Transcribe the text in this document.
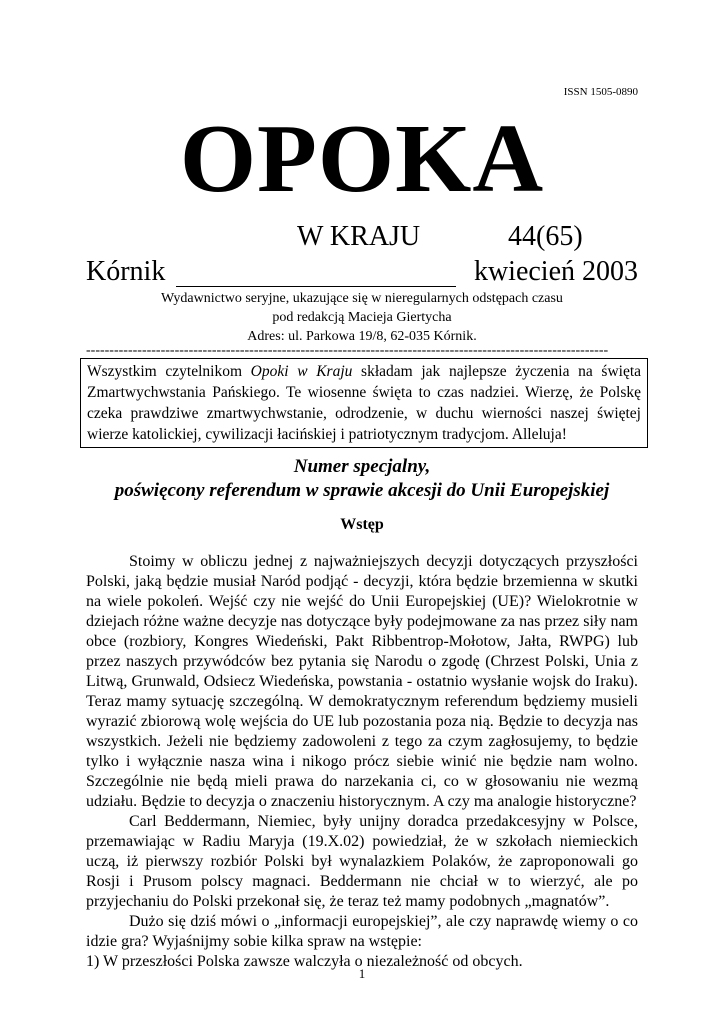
ISSN 1505-0890
OPOKA
W KRAJU	44(65)
Kórnik	kwiecień 2003
Wydawnictwo seryjne, ukazujące się w nieregularnych odstępach czasu
pod redakcją Macieja Giertycha
Adres: ul. Parkowa 19/8, 62-035 Kórnik.
----------------------------------------------------------------------------------------------------------------

Wszystkim czytelnikom Opoki w Kraju składam jak najlepsze życzenia na święta Zmartwychwstania Pańskiego. Te wiosenne święta to czas nadziei. Wierzę, że Polskę czeka prawdziwe zmartwychwstanie, odrodzenie, w duchu wierności naszej świętej wierze katolickiej, cywilizacji łacińskiej i patriotycznym tradycjom. Alleluja!

Numer specjalny,
poświęcony referendum w sprawie akcesji do Unii Europejskiej
Wstęp

Stoimy w obliczu jednej z najważniejszych decyzji dotyczących przyszłości Polski, jaką będzie musiał Naród podjąć - decyzji, która będzie brzemienna w skutki na wiele pokoleń. Wejść czy nie wejść do Unii Europejskiej (UE)? Wielokrotnie w dziejach różne ważne decyzje nas dotyczące były podejmowane za nas przez siły nam obce (rozbiory, Kongres Wiedeński, Pakt Ribbentrop-Mołotow, Jałta, RWPG) lub przez naszych przywódców bez pytania się Narodu o zgodę (Chrzest Polski, Unia z Litwą, Grunwald, Odsiecz Wiedeńska, powstania - ostatnio wysłanie wojsk do Iraku). Teraz mamy sytuację szczególną. W demokratycznym referendum będziemy musieli wyrazić zbiorową wolę wejścia do UE lub pozostania poza nią. Będzie to decyzja nas wszystkich. Jeżeli nie będziemy zadowoleni z tego za czym zagłosujemy, to będzie tylko i wyłącznie nasza wina i nikogo prócz siebie winić nie będzie nam wolno. Szczególnie nie będą mieli prawa do narzekania ci, co w głosowaniu nie wezmą udziału. Będzie to decyzja o znaczeniu historycznym. A czy ma analogie historyczne?

Carl Beddermann, Niemiec, były unijny doradca przedakcesyjny w Polsce, przemawiając w Radiu Maryja (19.X.02) powiedział, że w szkołach niemieckich uczą, iż pierwszy rozbiór Polski był wynalazkiem Polaków, że zaproponowali go Rosji i Prusom polscy magnaci. Beddermann nie chciał w to wierzyć, ale po przyjechaniu do Polski przekonał się, że teraz też mamy podobnych „magnatów”.

Dużo się dziś mówi o „informacji europejskiej”, ale czy naprawdę wiemy o co idzie gra? Wyjaśnijmy sobie kilka spraw na wstępie:

1) W przeszłości Polska zawsze walczyła o niezależność od obcych.

1
